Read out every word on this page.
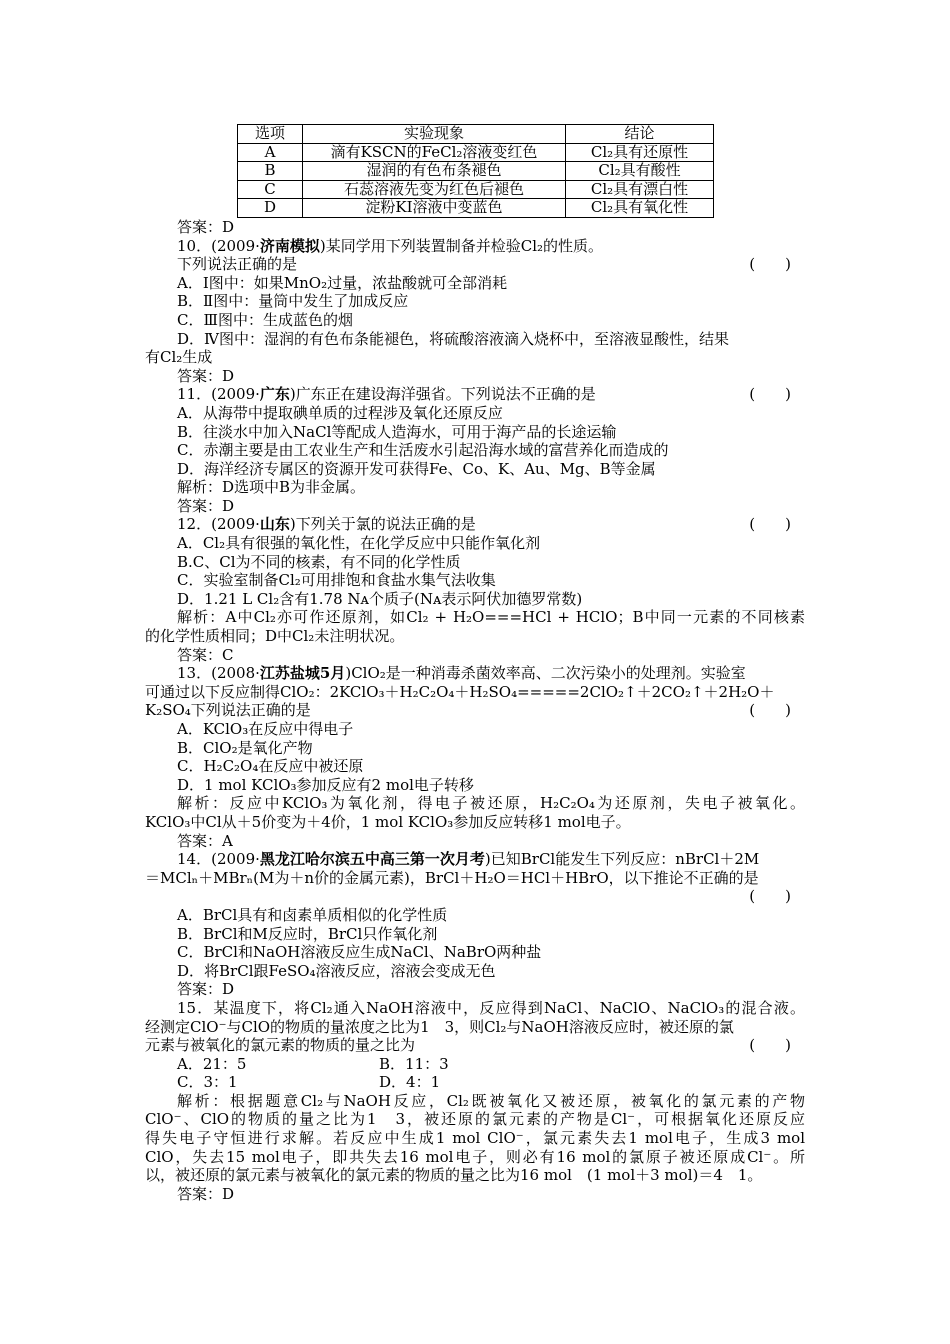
选项	实验现象	结论
A	滴有KSCN的FeCl₂溶液变红色	Cl₂具有还原性
B	湿润的有色布条褪色	Cl₂具有酸性
C	石蕊溶液先变为红色后褪色	Cl₂具有漂白性
D	淀粉KI溶液中变蓝色	Cl₂具有氧化性
答案：D
10．(2009·济南模拟)某同学用下列装置制备并检验Cl₂的性质。
下列说法正确的是	(　　)
A．Ⅰ图中：如果MnO₂过量，浓盐酸就可全部消耗
B．Ⅱ图中：量筒中发生了加成反应
C．Ⅲ图中：生成蓝色的烟
D．Ⅳ图中：湿润的有色布条能褪色，将硫酸溶液滴入烧杯中，至溶液显酸性，结果
有Cl₂生成
答案：D
11．(2009·广东)广东正在建设海洋强省。下列说法不正确的是	(　　)
A．从海带中提取碘单质的过程涉及氧化还原反应
B．往淡水中加入NaCl等配成人造海水，可用于海产品的长途运输
C．赤潮主要是由工农业生产和生活废水引起沿海水域的富营养化而造成的
D．海洋经济专属区的资源开发可获得Fe、Co、K、Au、Mg、B等金属
解析：D选项中B为非金属。
答案：D
12．(2009·山东)下列关于氯的说法正确的是	(　　)
A．Cl₂具有很强的氧化性，在化学反应中只能作氧化剂
B.C、Cl为不同的核素，有不同的化学性质
C．实验室制备Cl₂可用排饱和食盐水集气法收集
D．1.21 L Cl₂含有1.78 Nᴀ个质子(Nᴀ表示阿伏加德罗常数)
解析：A中Cl₂亦可作还原剂，如Cl₂ + H₂O===HCl + HClO；B中同一元素的不同核素
的化学性质相同；D中Cl₂未注明状况。
答案：C
13．(2008·江苏盐城5月)ClO₂是一种消毒杀菌效率高、二次污染小的处理剂。实验室
可通过以下反应制得ClO₂：2KClO₃＋H₂C₂O₄＋H₂SO₄=====2ClO₂↑＋2CO₂↑＋2H₂O＋
K₂SO₄下列说法正确的是	(　　)
A．KClO₃在反应中得电子
B．ClO₂是氧化产物
C．H₂C₂O₄在反应中被还原
D．1 mol KClO₃参加反应有2 mol电子转移
解析：反应中KClO₃为氧化剂，得电子被还原，H₂C₂O₄为还原剂，失电子被氧化。
KClO₃中Cl从＋5价变为＋4价，1 mol KClO₃参加反应转移1 mol电子。
答案：A
14．(2009·黑龙江哈尔滨五中高三第一次月考)已知BrCl能发生下列反应：nBrCl＋2M
＝MClₙ＋MBrₙ(M为＋n价的金属元素)，BrCl＋H₂O＝HCl＋HBrO，以下推论不正确的是
(　　)
A．BrCl具有和卤素单质相似的化学性质
B．BrCl和M反应时，BrCl只作氧化剂
C．BrCl和NaOH溶液反应生成NaCl、NaBrO两种盐
D．将BrCl跟FeSO₄溶液反应，溶液会变成无色
答案：D
15．某温度下，将Cl₂通入NaOH溶液中，反应得到NaCl、NaClO、NaClO₃的混合液。
经测定ClO⁻与ClO的物质的量浓度之比为1　3，则Cl₂与NaOH溶液反应时，被还原的氯
元素与被氧化的氯元素的物质的量之比为	(　　)
A．21：5	B．11：3
C．3：1	D．4：1
解析：根据题意Cl₂与NaOH反应，Cl₂既被氧化又被还原，被氧化的氯元素的产物
ClO⁻、ClO的物质的量之比为1　3，被还原的氯元素的产物是Cl⁻，可根据氧化还原反应
得失电子守恒进行求解。若反应中生成1 mol ClO⁻，氯元素失去1 mol电子，生成3 mol
ClO，失去15 mol电子，即共失去16 mol电子，则必有16 mol的氯原子被还原成Cl⁻。所
以，被还原的氯元素与被氧化的氯元素的物质的量之比为16 mol　(1 mol＋3 mol)＝4　1。
答案：D
